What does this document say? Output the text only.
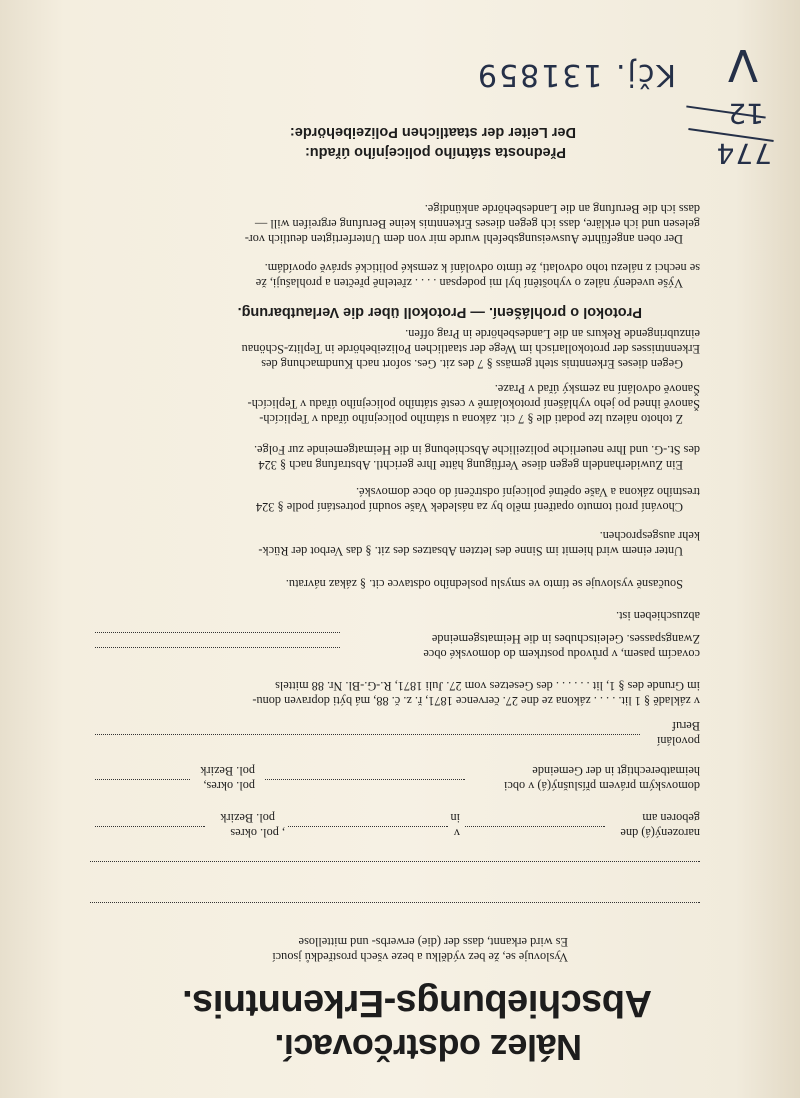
Nález odstrčovací.
Abschiebungs-Erkenntnis.
Vyslovuje se, že bez výdělku a beze všech prostředků jsoucí
Es wird erkannt, dass der (die) erwerbs- und mittellose
narozený(á) dne
v
, pol. okres
geboren am
in
pol. Bezirk
domovským právem příslušný(á) v obci
pol. okres,
heimatberechtigt in der Gemeinde
pol. Bezirk
povolání
Beruf
v základě § 1 lit. . . . . zákona ze dne 27. července 1871, ř. z. č. 88, má býti dopraven donu-
im Grunde des § 1, lit . . . . . . des Gesetzes vom 27. Juli 1871, R.-G.-Bl. Nr. 88 mittels
covacím pasem, v průvodu postrkem do domovské obce
Zwangspasses. Geleitschubes in die Heimatsgemeinde
abzuschieben ist.
Současně vyslovuje se tímto ve smyslu posledního odstavce cit. § zákaz návratu.
Unter einem wird hiemit im Sinne des letzten Absatzes des zit. § das Verbot der Rück-
kehr ausgesprochen.
Chování proti tomuto opatření mělo by za následek Vaše soudní potrestání podle § 324
trestního zákona a Vaše opětné policejní odstrčení do obce domovské.
Ein Zuwiderhandeln gegen diese Verfügung hätte Ihre gerichtl. Abstrafung nach § 324
des St.-G. und Ihre neuerliche polizeiliche Abschiebung in die Heimatgemeinde zur Folge.
Z tohoto nálezu lze podati dle § 7 cit. zákona u státního policejního úřadu v Teplicích-
Šanově ihned po jeho vyhlášení protokolárně v cestě státního policejního úřadu v Teplicích-
Šanově odvolání na zemský úřad v Praze.
Gegen dieses Erkenntnis steht gemäss § 7 des zit. Ges. sofort nach Kundmachung des
Erkenntnisses der protokollarisch im Wege der staatlichen Polizeibehörde in Teplitz-Schönau
einzubringende Rekurs an die Landesbehörde in Prag offen.
Protokol o prohlášení. — Protokoll über die Verlautbarung.
Výše uvedený nález o vyhoštění byl mi podepsan . . . . zřetelně přečten a prohlašuji, že
se nechci z nálezu toho odvolati, že tímto odvolání k zemské politické správě opovídám.
Der oben angeführte Ausweisungsbefehl wurde mir von dem Unterfertigten deutlich vor-
gelesen und ich erkläre, dass ich gegen dieses Erkenntnis keine Berufung ergreifen will —
dass ich die Berufung an die Landesbehörde ankündige.
Přednosta státního policejního úřadu:
Der Leiter der staatlichen Polizeibehörde:
Kčj. 131859 V
774
12
